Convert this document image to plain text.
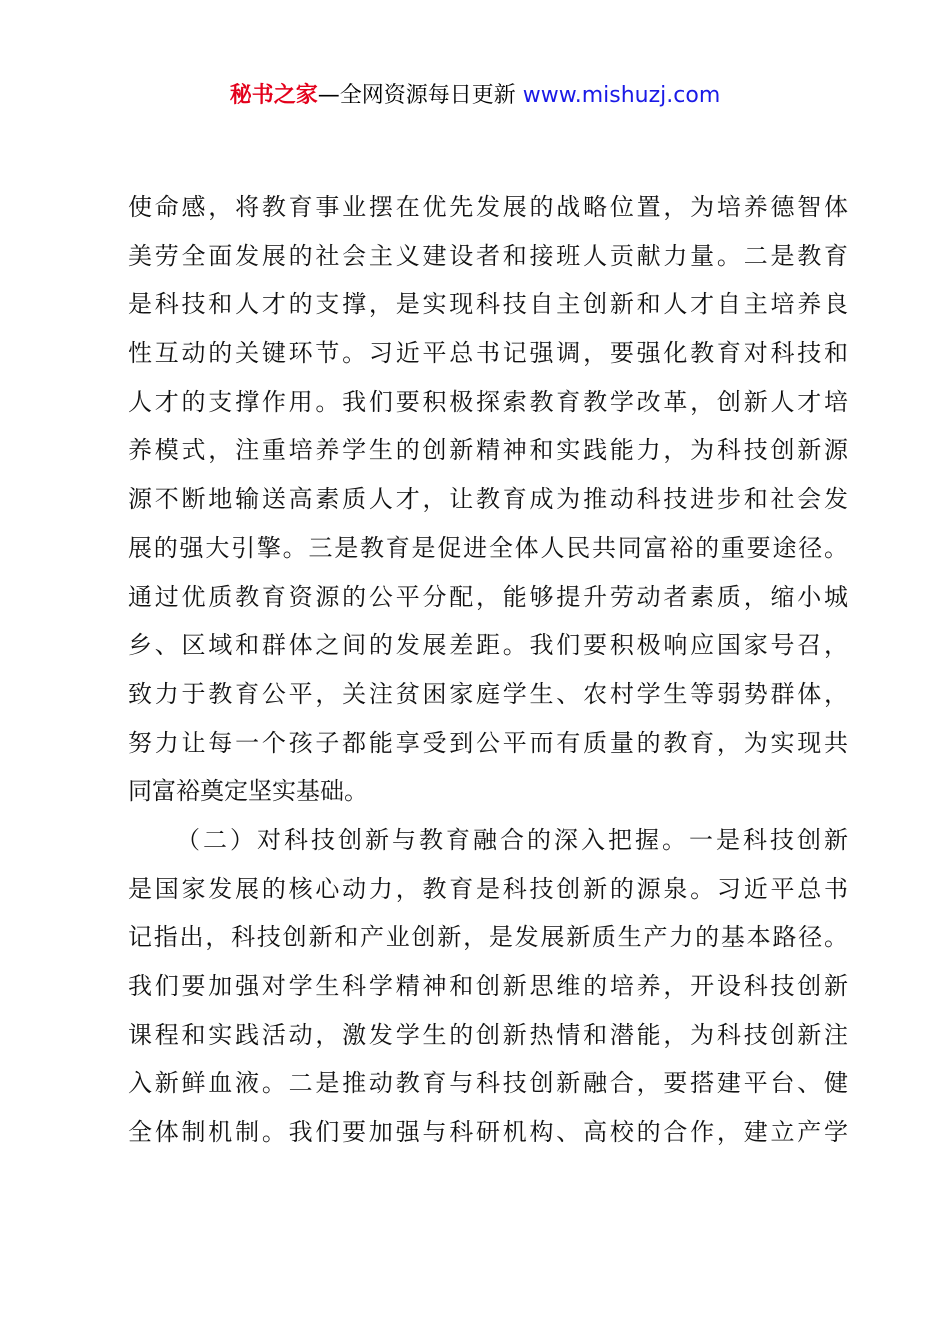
秘书之家—全网资源每日更新 www.mishuzj.com
使命感，将教育事业摆在优先发展的战略位置，为培养德智体
美劳全面发展的社会主义建设者和接班人贡献力量。二是教育
是科技和人才的支撑，是实现科技自主创新和人才自主培养良
性互动的关键环节。习近平总书记强调，要强化教育对科技和
人才的支撑作用。我们要积极探索教育教学改革，创新人才培
养模式，注重培养学生的创新精神和实践能力，为科技创新源
源不断地输送高素质人才，让教育成为推动科技进步和社会发
展的强大引擎。三是教育是促进全体人民共同富裕的重要途径。
通过优质教育资源的公平分配，能够提升劳动者素质，缩小城
乡、区域和群体之间的发展差距。我们要积极响应国家号召，
致力于教育公平，关注贫困家庭学生、农村学生等弱势群体，
努力让每一个孩子都能享受到公平而有质量的教育，为实现共
同富裕奠定坚实基础。
（二）对科技创新与教育融合的深入把握。一是科技创新
是国家发展的核心动力，教育是科技创新的源泉。习近平总书
记指出，科技创新和产业创新，是发展新质生产力的基本路径。
我们要加强对学生科学精神和创新思维的培养，开设科技创新
课程和实践活动，激发学生的创新热情和潜能，为科技创新注
入新鲜血液。二是推动教育与科技创新融合，要搭建平台、健
全体制机制。我们要加强与科研机构、高校的合作，建立产学
